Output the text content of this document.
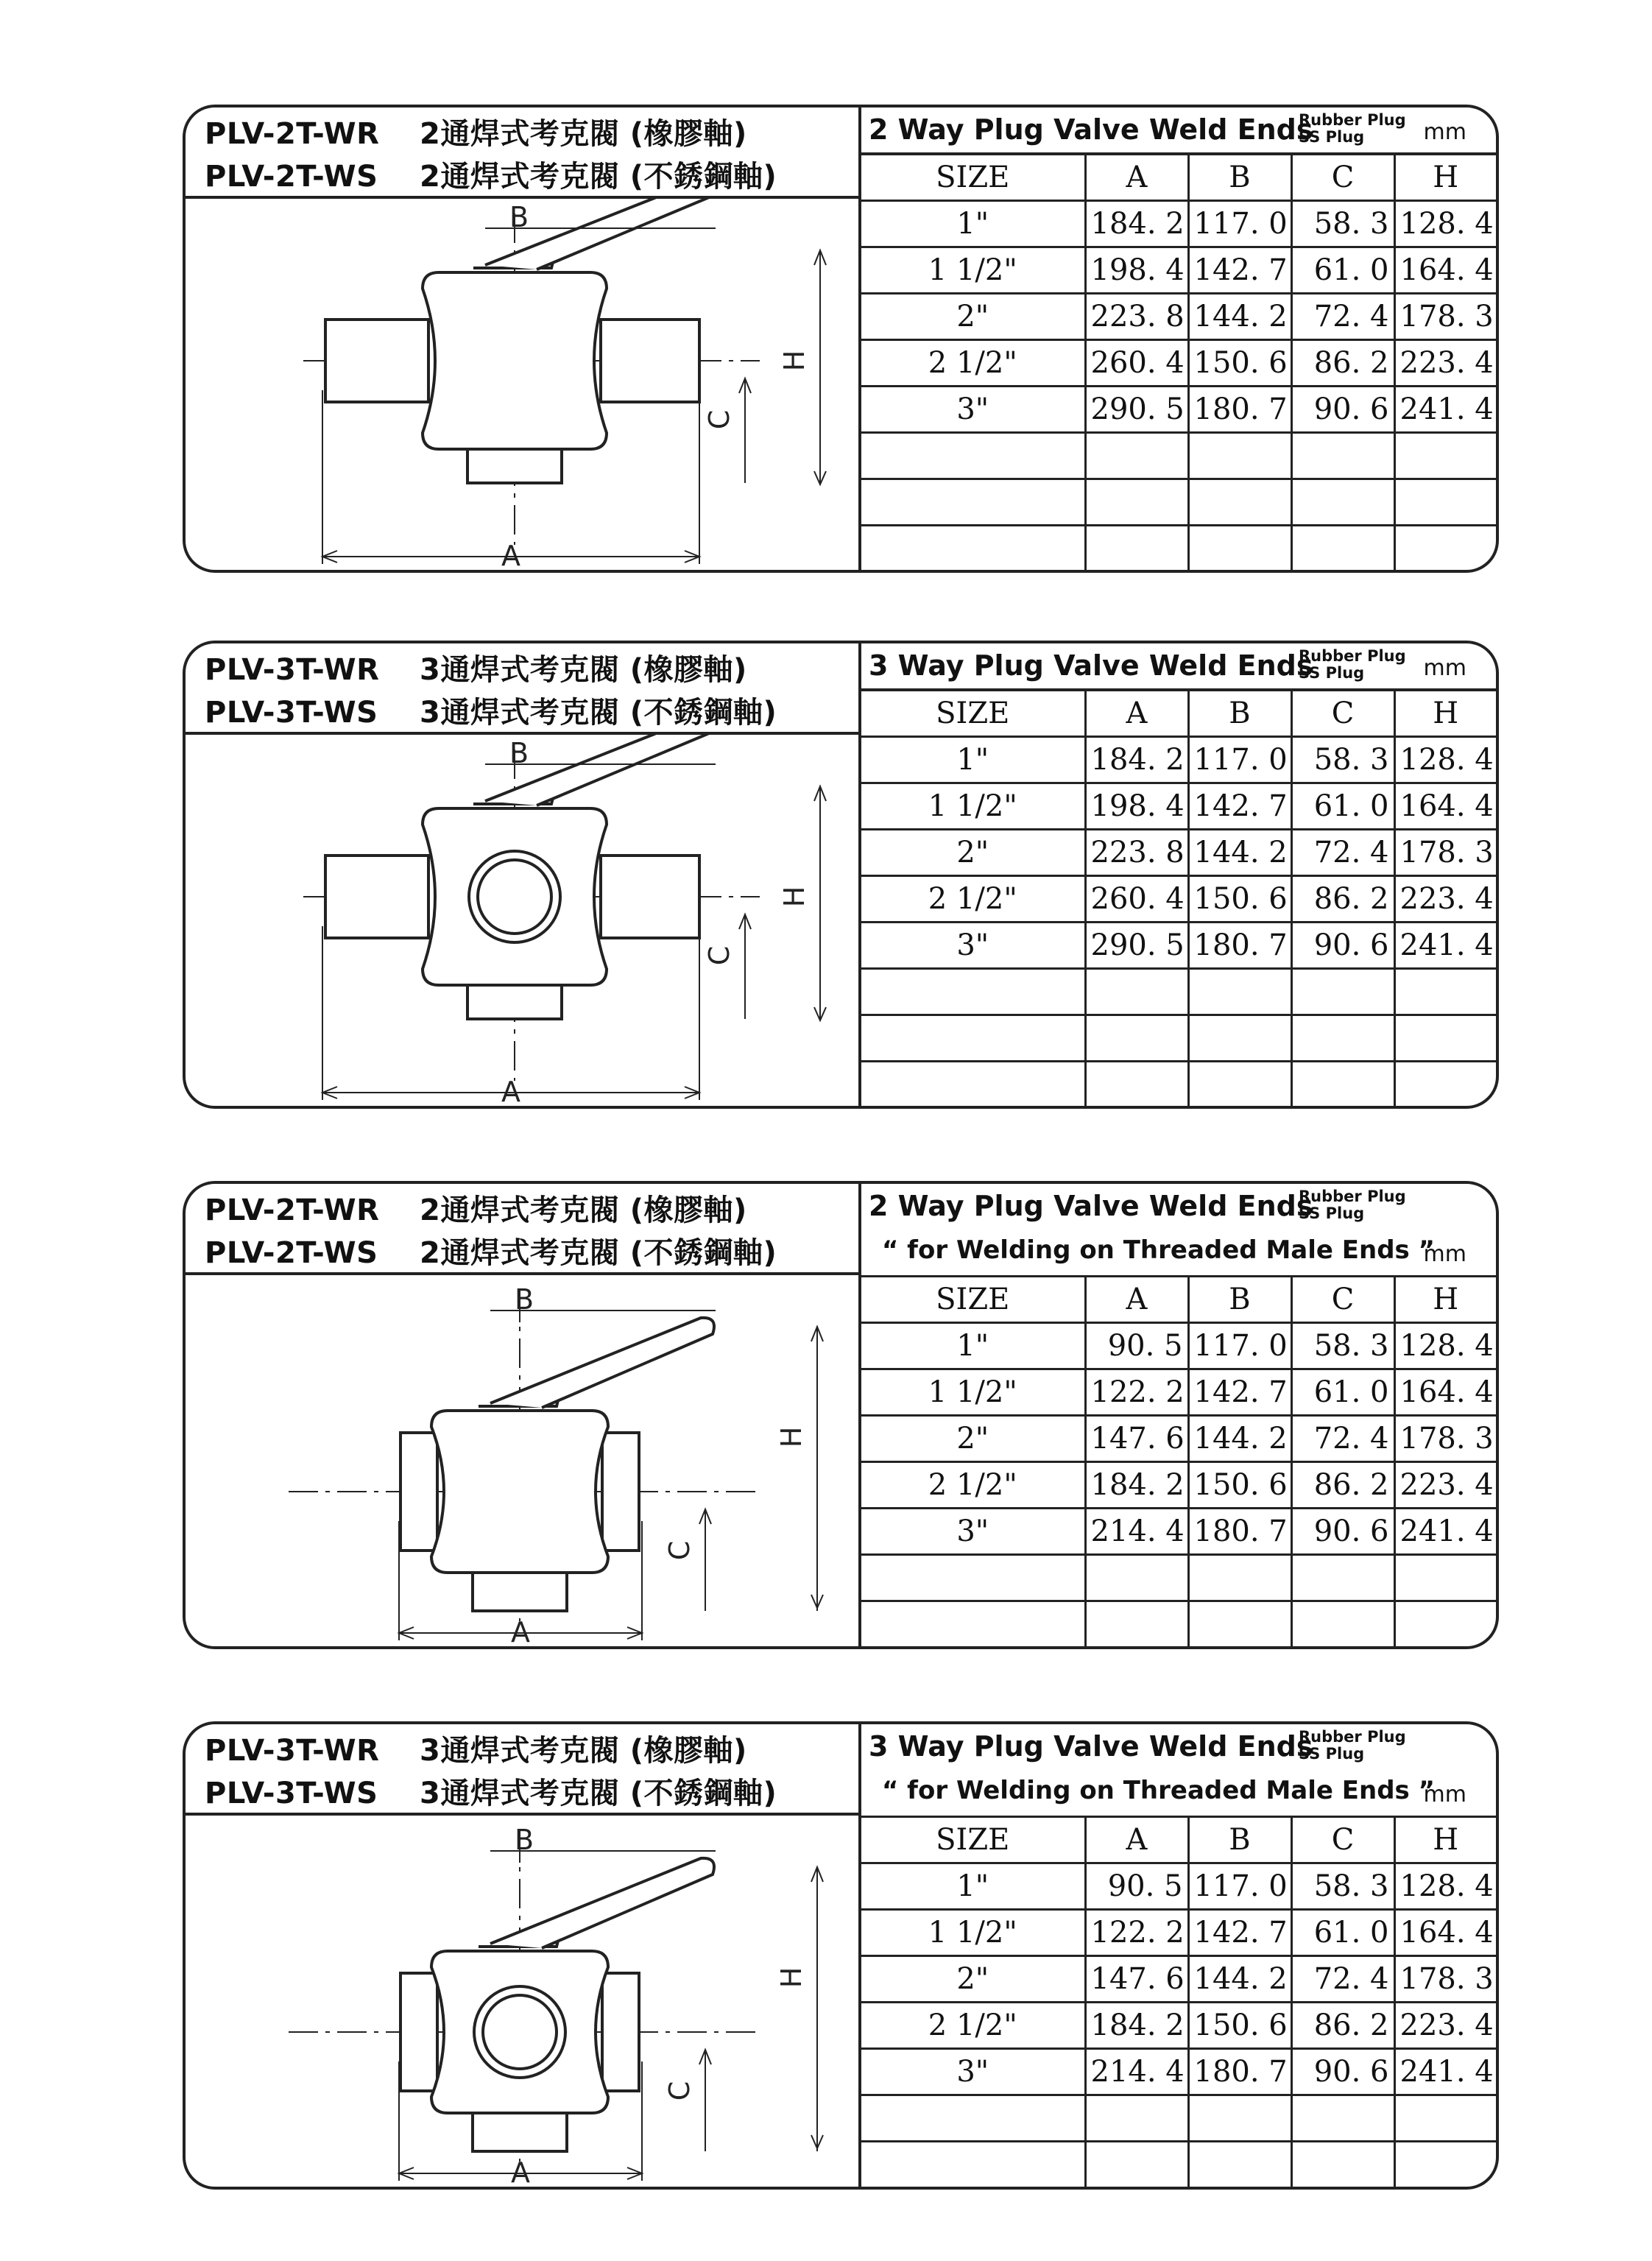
PLV-2T-WR 2通焊式考克閥 (橡膠軸)
PLV-2T-WS 2通焊式考克閥 (不銹鋼軸)
2 Way Plug Valve Weld Ends
Rubber Plug
SS Plug	mm
B
H
C
A
SIZE	A	B	C	H
1"	184. 2	117. 0	58. 3	128. 4
1 1/2"	198. 4	142. 7	61. 0	164. 4
2"	223. 8	144. 2	72. 4	178. 3
2 1/2"	260. 4	150. 6	86. 2	223. 4
3"	290. 5	180. 7	90. 6	241. 4

PLV-3T-WR 3通焊式考克閥 (橡膠軸)
PLV-3T-WS 3通焊式考克閥 (不銹鋼軸)
3 Way Plug Valve Weld Ends
Rubber Plug
SS Plug	mm
B
H
C
A
SIZE	A	B	C	H
1"	184. 2	117. 0	58. 3	128. 4
1 1/2"	198. 4	142. 7	61. 0	164. 4
2"	223. 8	144. 2	72. 4	178. 3
2 1/2"	260. 4	150. 6	86. 2	223. 4
3"	290. 5	180. 7	90. 6	241. 4

PLV-2T-WR 2通焊式考克閥 (橡膠軸)
PLV-2T-WS 2通焊式考克閥 (不銹鋼軸)
2 Way Plug Valve Weld Ends
“ for Welding on Threaded Male Ends ”
Rubber Plug
SS Plug
mm
B
H
C
A
SIZE	A	B	C	H
1"	90. 5	117. 0	58. 3	128. 4
1 1/2"	122. 2	142. 7	61. 0	164. 4
2"	147. 6	144. 2	72. 4	178. 3
2 1/2"	184. 2	150. 6	86. 2	223. 4
3"	214. 4	180. 7	90. 6	241. 4

PLV-3T-WR 3通焊式考克閥 (橡膠軸)
PLV-3T-WS 3通焊式考克閥 (不銹鋼軸)
3 Way Plug Valve Weld Ends
“ for Welding on Threaded Male Ends ”
Rubber Plug
SS Plug
mm
B
H
C
A
SIZE	A	B	C	H
1"	90. 5	117. 0	58. 3	128. 4
1 1/2"	122. 2	142. 7	61. 0	164. 4
2"	147. 6	144. 2	72. 4	178. 3
2 1/2"	184. 2	150. 6	86. 2	223. 4
3"	214. 4	180. 7	90. 6	241. 4
